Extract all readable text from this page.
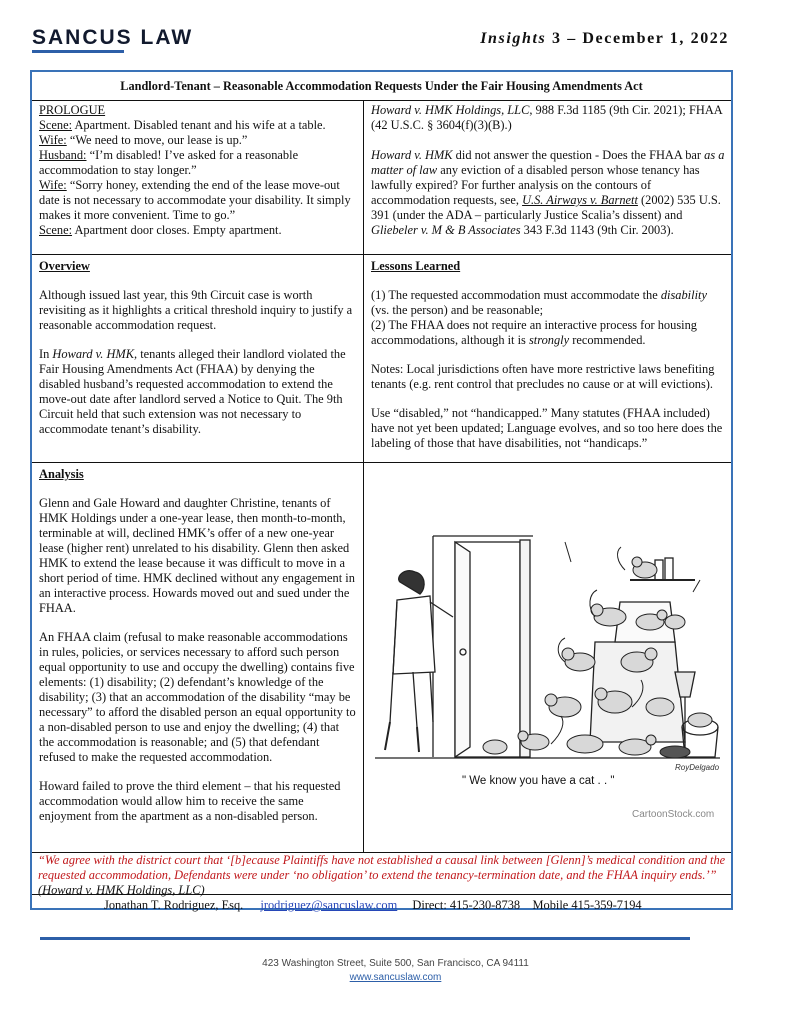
SANCUS LAW	Insights 3 – December 1, 2022
Landlord-Tenant – Reasonable Accommodation Requests Under the Fair Housing Amendments Act
PROLOGUE
Scene: Apartment. Disabled tenant and his wife at a table.
Wife: “We need to move, our lease is up.”
Husband: “I’m disabled! I’ve asked for a reasonable accommodation to stay longer.”
Wife: “Sorry honey, extending the end of the lease move-out date is not necessary to accommodate your disability. It simply makes it more convenient. Time to go.”
Scene: Apartment door closes. Empty apartment.

Howard v. HMK Holdings, LLC, 988 F.3d 1185 (9th Cir. 2021); FHAA (42 U.S.C. § 3604(f)(3)(B).)

Howard v. HMK did not answer the question - Does the FHAA bar as a matter of law any eviction of a disabled person whose tenancy has lawfully expired? For further analysis on the contours of accommodation requests, see, U.S. Airways v. Barnett (2002) 535 U.S. 391 (under the ADA – particularly Justice Scalia’s dissent) and Gliebeler v. M & B Associates 343 F.3d 1143 (9th Cir. 2003).

Overview

Although issued last year, this 9th Circuit case is worth revisiting as it highlights a critical threshold inquiry to justify a reasonable accommodation request.

In Howard v. HMK, tenants alleged their landlord violated the Fair Housing Amendments Act (FHAA) by denying the disabled husband’s requested accommodation to extend the move-out date after landlord served a Notice to Quit. The 9th Circuit held that such extension was not necessary to accommodate tenant’s disability.

Lessons Learned

(1) The requested accommodation must accommodate the disability (vs. the person) and be reasonable;
(2) The FHAA does not require an interactive process for housing accommodations, although it is strongly recommended.

Notes: Local jurisdictions often have more restrictive laws benefiting tenants (e.g. rent control that precludes no cause or at will evictions).

Use “disabled,” not “handicapped.” Many statutes (FHAA included) have not yet been updated; Language evolves, and so too here does the labeling of those that have disabilities, not “handicaps.”

Analysis

Glenn and Gale Howard and daughter Christine, tenants of HMK Holdings under a one-year lease, then month-to-month, terminable at will, declined HMK’s offer of a new one-year lease (higher rent) unrelated to his disability. Glenn then asked HMK to extend the lease because it was difficult to move in a short period of time. HMK declined without any engagement in an interactive process. Howards moved out and sued under the FHAA.

An FHAA claim (refusal to make reasonable accommodations in rules, policies, or services necessary to afford such person equal opportunity to use and occupy the dwelling) contains five elements: (1) disability; (2) defendant’s knowledge of the disability; (3) that an accommodation of the disability “may be necessary” to afford the disabled person an equal opportunity to a non-disabled person to use and enjoy the dwelling; (4) that the accommodation is reasonable; and (5) that defendant refused to make the requested accommodation.

Howard failed to prove the third element – that his requested accommodation would allow him to receive the same enjoyment from the apartment as a non-disabled person.

“We agree with the district court that ‘[b]ecause Plaintiffs have not established a causal link between [Glenn]’s medical condition and the requested accommodation, Defendants were under ‘no obligation’ to extend the tenancy-termination date, and the FHAA inquiry ends.’” (Howard v. HMK Holdings, LLC)
Jonathan T. Rodriguez, Esq. jrodriguez@sancuslaw.com Direct: 415-230-8738 Mobile 415-359-7194
RoyDelgado
" We know you have a cat . . "
CartoonStock.com
423 Washington Street, Suite 500, San Francisco, CA 94111
www.sancuslaw.com
